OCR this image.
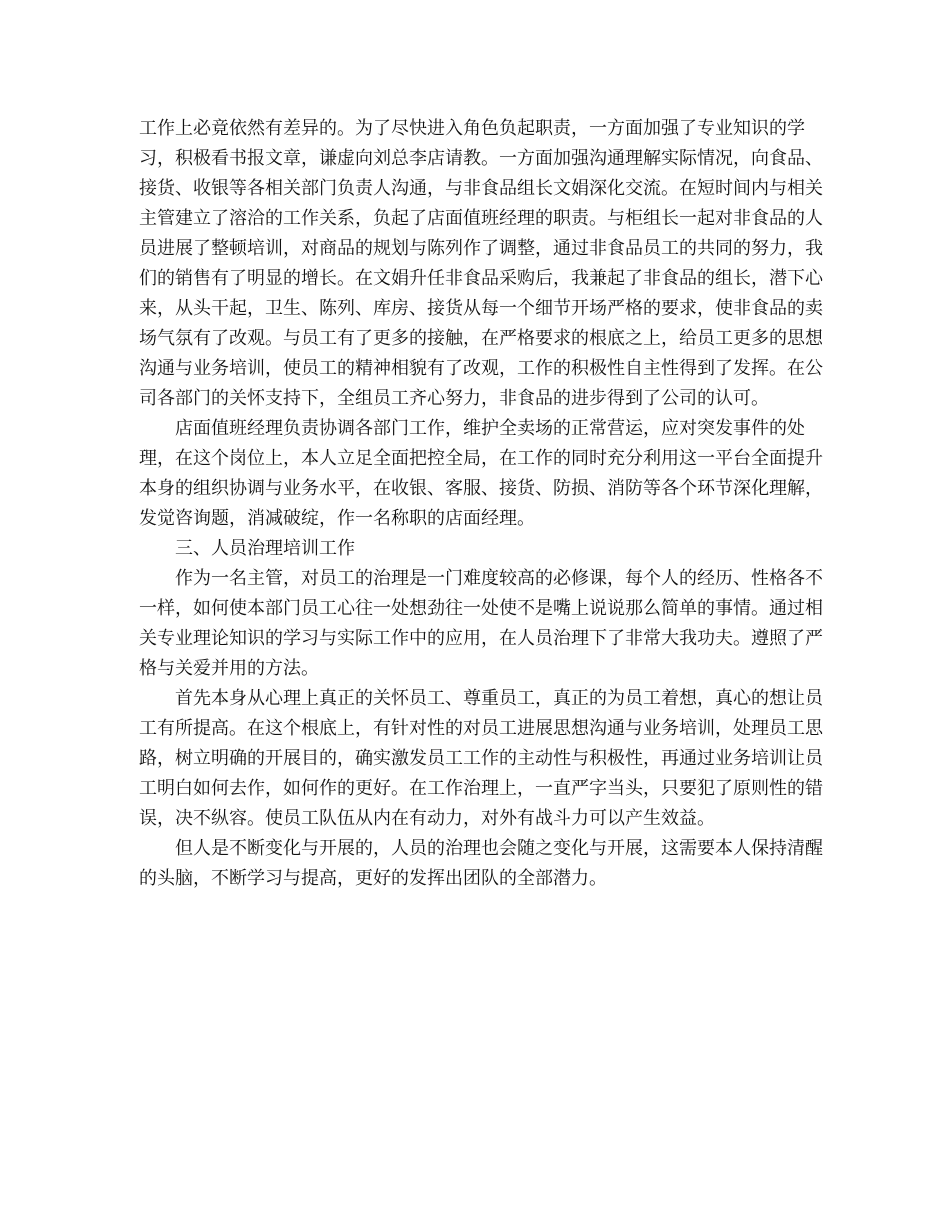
工作上必竟依然有差异的。为了尽快进入角色负起职责，一方面加强了专业知识的学习，积极看书报文章，谦虚向刘总李店请教。一方面加强沟通理解实际情况，向食品、接货、收银等各相关部门负责人沟通，与非食品组长文娟深化交流。在短时间内与相关主管建立了溶洽的工作关系，负起了店面值班经理的职责。与柜组长一起对非食品的人员进展了整顿培训，对商品的规划与陈列作了调整，通过非食品员工的共同的努力，我们的销售有了明显的增长。在文娟升任非食品采购后，我兼起了非食品的组长，潜下心来，从头干起，卫生、陈列、库房、接货从每一个细节开场严格的要求，使非食品的卖场气氛有了改观。与员工有了更多的接触，在严格要求的根底之上，给员工更多的思想沟通与业务培训，使员工的精神相貌有了改观，工作的积极性自主性得到了发挥。在公司各部门的关怀支持下，全组员工齐心努力，非食品的进步得到了公司的认可。

店面值班经理负责协调各部门工作，维护全卖场的正常营运，应对突发事件的处理，在这个岗位上，本人立足全面把控全局，在工作的同时充分利用这一平台全面提升本身的组织协调与业务水平，在收银、客服、接货、防损、消防等各个环节深化理解，发觉咨询题，消减破绽，作一名称职的店面经理。

三、人员治理培训工作

作为一名主管，对员工的治理是一门难度较高的必修课，每个人的经历、性格各不一样，如何使本部门员工心往一处想劲往一处使不是嘴上说说那么简单的事情。通过相关专业理论知识的学习与实际工作中的应用，在人员治理下了非常大我功夫。遵照了严格与关爱并用的方法。

首先本身从心理上真正的关怀员工、尊重员工，真正的为员工着想，真心的想让员工有所提高。在这个根底上，有针对性的对员工进展思想沟通与业务培训，处理员工思路，树立明确的开展目的，确实激发员工工作的主动性与积极性，再通过业务培训让员工明白如何去作，如何作的更好。在工作治理上，一直严字当头，只要犯了原则性的错误，决不纵容。使员工队伍从内在有动力，对外有战斗力可以产生效益。

但人是不断变化与开展的，人员的治理也会随之变化与开展，这需要本人保持清醒的头脑，不断学习与提高，更好的发挥出团队的全部潜力。
